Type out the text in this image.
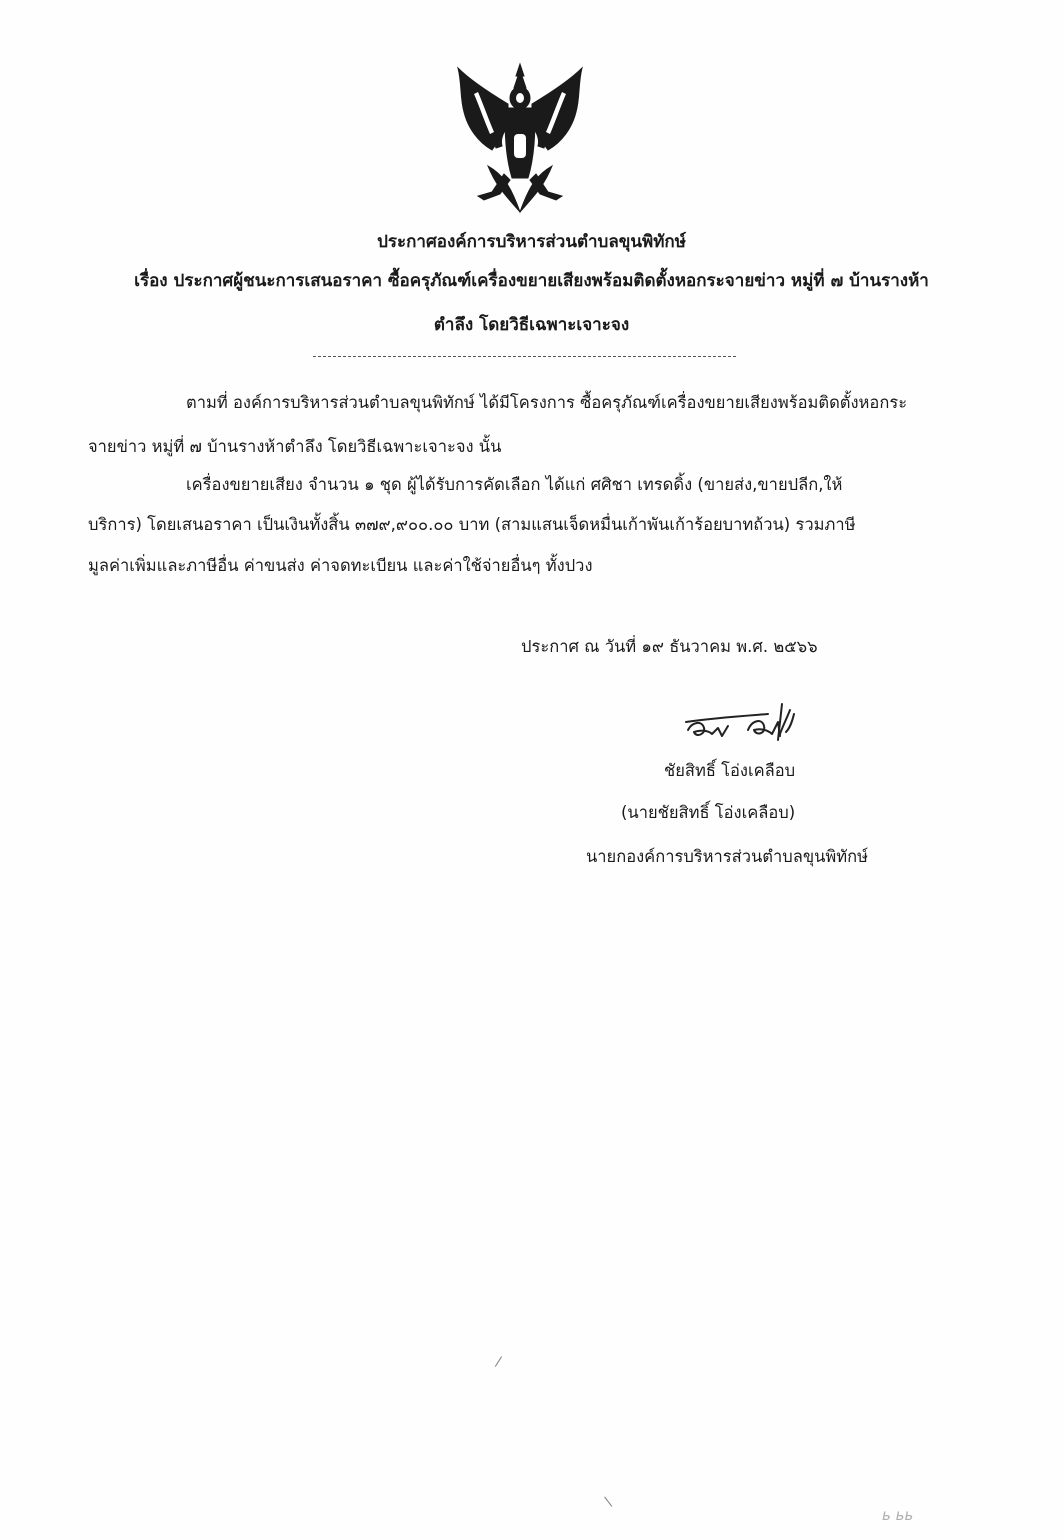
ประกาศองค์การบริหารส่วนตำบลขุนพิทักษ์
เรื่อง ประกาศผู้ชนะการเสนอราคา ซื้อครุภัณฑ์เครื่องขยายเสียงพร้อมติดตั้งหอกระจายข่าว หมู่ที่ ๗ บ้านรางห้า
ตำลึง โดยวิธีเฉพาะเจาะจง
ตามที่ องค์การบริหารส่วนตำบลขุนพิทักษ์ ได้มีโครงการ ซื้อครุภัณฑ์เครื่องขยายเสียงพร้อมติดตั้งหอกระ
จายข่าว หมู่ที่ ๗ บ้านรางห้าตำลึง โดยวิธีเฉพาะเจาะจง นั้น
เครื่องขยายเสียง จำนวน ๑ ชุด ผู้ได้รับการคัดเลือก ได้แก่ ศศิชา เทรดดิ้ง (ขายส่ง,ขายปลีก,ให้
บริการ) โดยเสนอราคา เป็นเงินทั้งสิ้น ๓๗๙,๙๐๐.๐๐ บาท (สามแสนเจ็ดหมื่นเก้าพันเก้าร้อยบาทถ้วน) รวมภาษี
มูลค่าเพิ่มและภาษีอื่น ค่าขนส่ง ค่าจดทะเบียน และค่าใช้จ่ายอื่นๆ ทั้งปวง
ประกาศ ณ วันที่ ๑๙ ธันวาคม พ.ศ. ๒๕๖๖
ชัยสิทธิ์ โอ่งเคลือบ
(นายชัยสิทธิ์ โอ่งเคลือบ)
นายกองค์การบริหารส่วนตำบลขุนพิทักษ์
/
\
ь ьь
